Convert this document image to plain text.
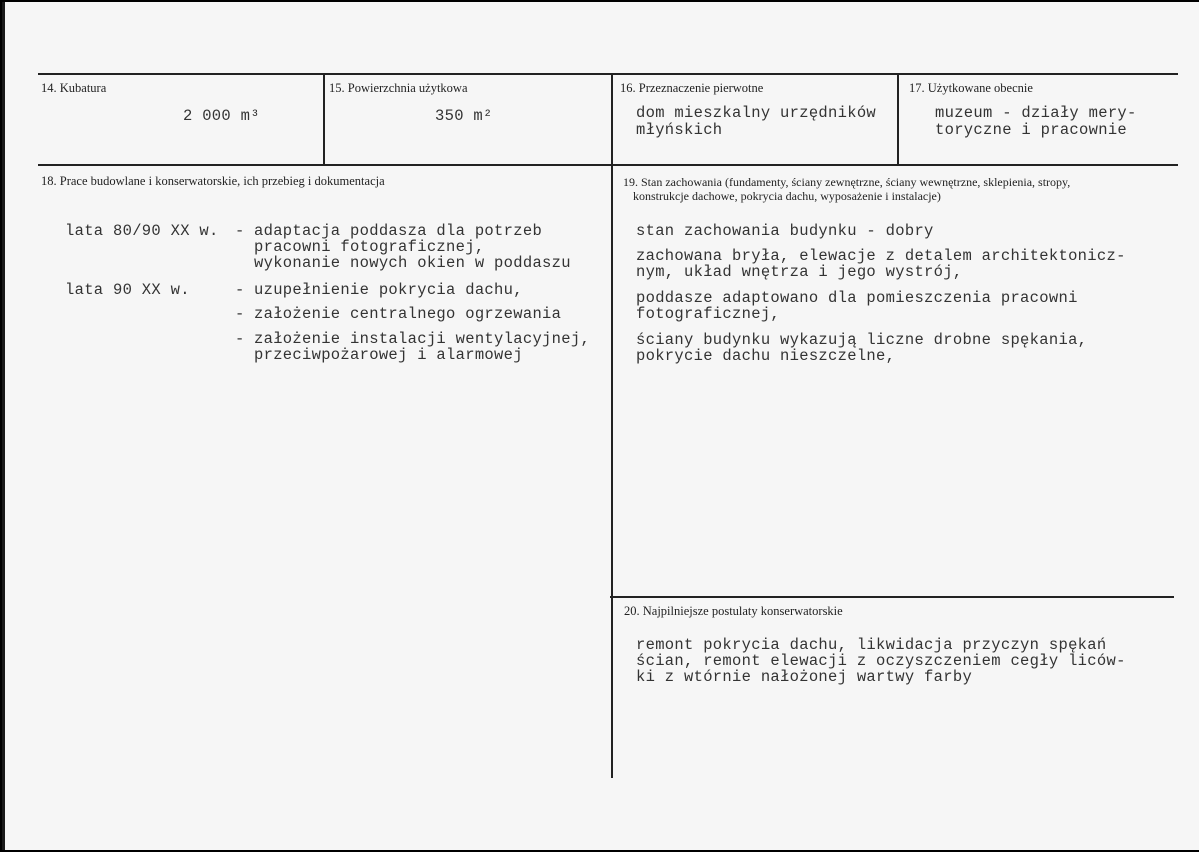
14. Kubatura
2 000 m³
15. Powierzchnia użytkowa
350 m²
16. Przeznaczenie pierwotne
dom mieszkalny urzędników
młyńskich
17. Użytkowane obecnie
muzeum - działy mery-
toryczne i pracownie
18. Prace budowlane i konserwatorskie, ich przebieg i dokumentacja
lata 80/90 XX w. - adaptacja poddasza dla potrzeb
pracowni fotograficznej,
wykonanie nowych okien w poddaszu
lata 90 XX w.	- uzupełnienie pokrycia dachu,
- założenie centralnego ogrzewania
- założenie instalacji wentylacyjnej,
przeciwpożarowej i alarmowej
19. Stan zachowania (fundamenty, ściany zewnętrzne, ściany wewnętrzne, sklepienia, stropy,
konstrukcje dachowe, pokrycia dachu, wyposażenie i instalacje)
stan zachowania budynku - dobry
zachowana bryła, elewacje z detalem architektonicz-
nym, układ wnętrza i jego wystrój,
poddasze adaptowano dla pomieszczenia pracowni
fotograficznej,
ściany budynku wykazują liczne drobne spękania,
pokrycie dachu nieszczelne,
20. Najpilniejsze postulaty konserwatorskie
remont pokrycia dachu, likwidacja przyczyn spękań
ścian, remont elewacji z oczyszczeniem cegły liców-
ki z wtórnie nałożonej wartwy farby
